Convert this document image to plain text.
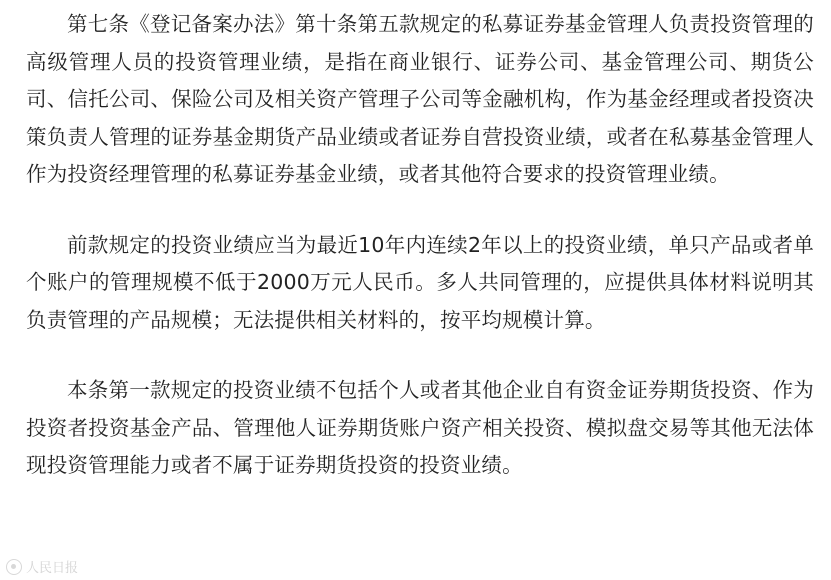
第七条《登记备案办法》第十条第五款规定的私募证券基金管理人负责投资管理的高级管理人员的投资管理业绩，是指在商业银行、证券公司、基金管理公司、期货公司、信托公司、保险公司及相关资产管理子公司等金融机构，作为基金经理或者投资决策负责人管理的证券基金期货产品业绩或者证券自营投资业绩，或者在私募基金管理人作为投资经理管理的私募证券基金业绩，或者其他符合要求的投资管理业绩。

前款规定的投资业绩应当为最近10年内连续2年以上的投资业绩，单只产品或者单个账户的管理规模不低于2000万元人民币。多人共同管理的，应提供具体材料说明其负责管理的产品规模；无法提供相关材料的，按平均规模计算。

本条第一款规定的投资业绩不包括个人或者其他企业自有资金证券期货投资、作为投资者投资基金产品、管理他人证券期货账户资产相关投资、模拟盘交易等其他无法体现投资管理能力或者不属于证券期货投资的投资业绩。

人民日报
